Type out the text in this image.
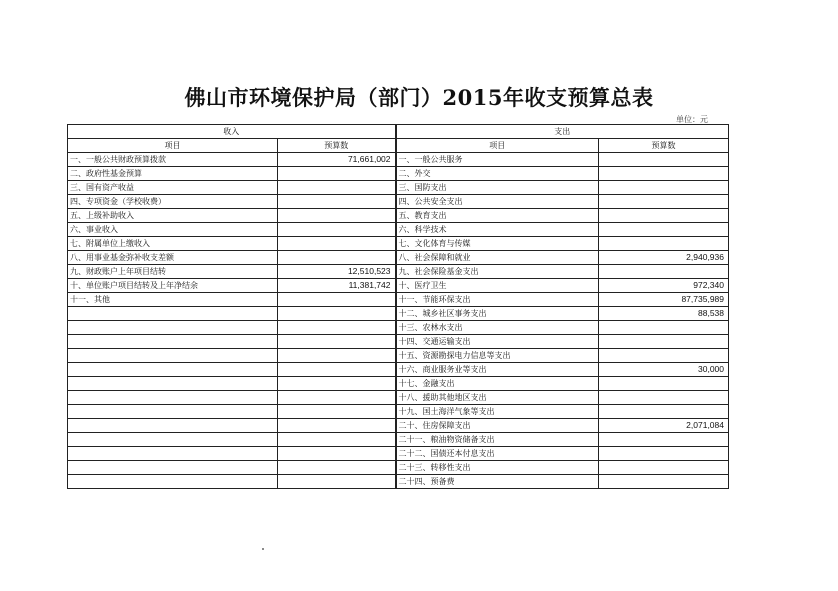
佛山市环境保护局（部门）2015年收支预算总表
单位：元
收入		支出	
项目	预算数	项目	预算数
一、一般公共财政预算拨款	71,661,002	一、一般公共服务	
二、政府性基金预算		二、外交	
三、国有资产收益		三、国防支出	
四、专项资金（学校收费）		四、公共安全支出	
五、上级补助收入		五、教育支出	
六、事业收入		六、科学技术	
七、附属单位上缴收入		七、文化体育与传媒	
八、用事业基金弥补收支差额		八、社会保障和就业	2,940,936
九、财政账户上年项目结转	12,510,523	九、社会保险基金支出	
十、单位账户项目结转及上年净结余	11,381,742	十、医疗卫生	972,340
十一、其他		十一、节能环保支出	87,735,989
		十二、城乡社区事务支出	88,538
		十三、农林水支出	
		十四、交通运输支出	
		十五、资源勘探电力信息等支出	
		十六、商业服务业等支出	30,000
		十七、金融支出	
		十八、援助其他地区支出	
		十九、国土海洋气象等支出	
		二十、住房保障支出	2,071,084
		二十一、粮油物资储备支出	
		二十二、国债还本付息支出	
		二十三、转移性支出	
		二十四、预备费	
